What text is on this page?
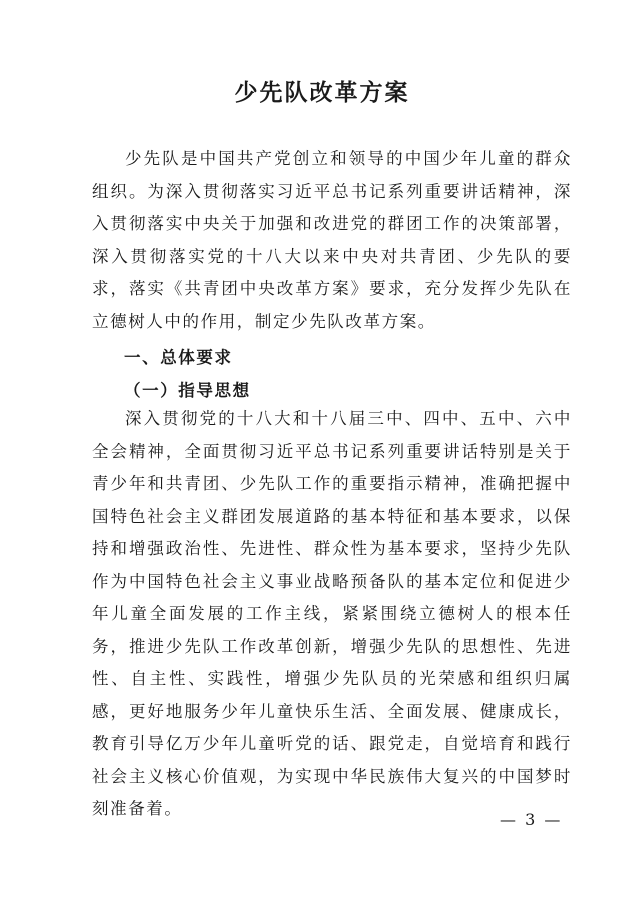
少先队改革方案

少先队是中国共产党创立和领导的中国少年儿童的群众组织。为深入贯彻落实习近平总书记系列重要讲话精神，深入贯彻落实中央关于加强和改进党的群团工作的决策部署，深入贯彻落实党的十八大以来中央对共青团、少先队的要求，落实《共青团中央改革方案》要求，充分发挥少先队在立德树人中的作用，制定少先队改革方案。

一、总体要求

（一）指导思想

深入贯彻党的十八大和十八届三中、四中、五中、六中全会精神，全面贯彻习近平总书记系列重要讲话特别是关于青少年和共青团、少先队工作的重要指示精神，准确把握中国特色社会主义群团发展道路的基本特征和基本要求，以保持和增强政治性、先进性、群众性为基本要求，坚持少先队作为中国特色社会主义事业战略预备队的基本定位和促进少年儿童全面发展的工作主线，紧紧围绕立德树人的根本任务，推进少先队工作改革创新，增强少先队的思想性、先进性、自主性、实践性，增强少先队员的光荣感和组织归属感，更好地服务少年儿童快乐生活、全面发展、健康成长，教育引导亿万少年儿童听党的话、跟党走，自觉培育和践行社会主义核心价值观，为实现中华民族伟大复兴的中国梦时刻准备着。

— 3 —
